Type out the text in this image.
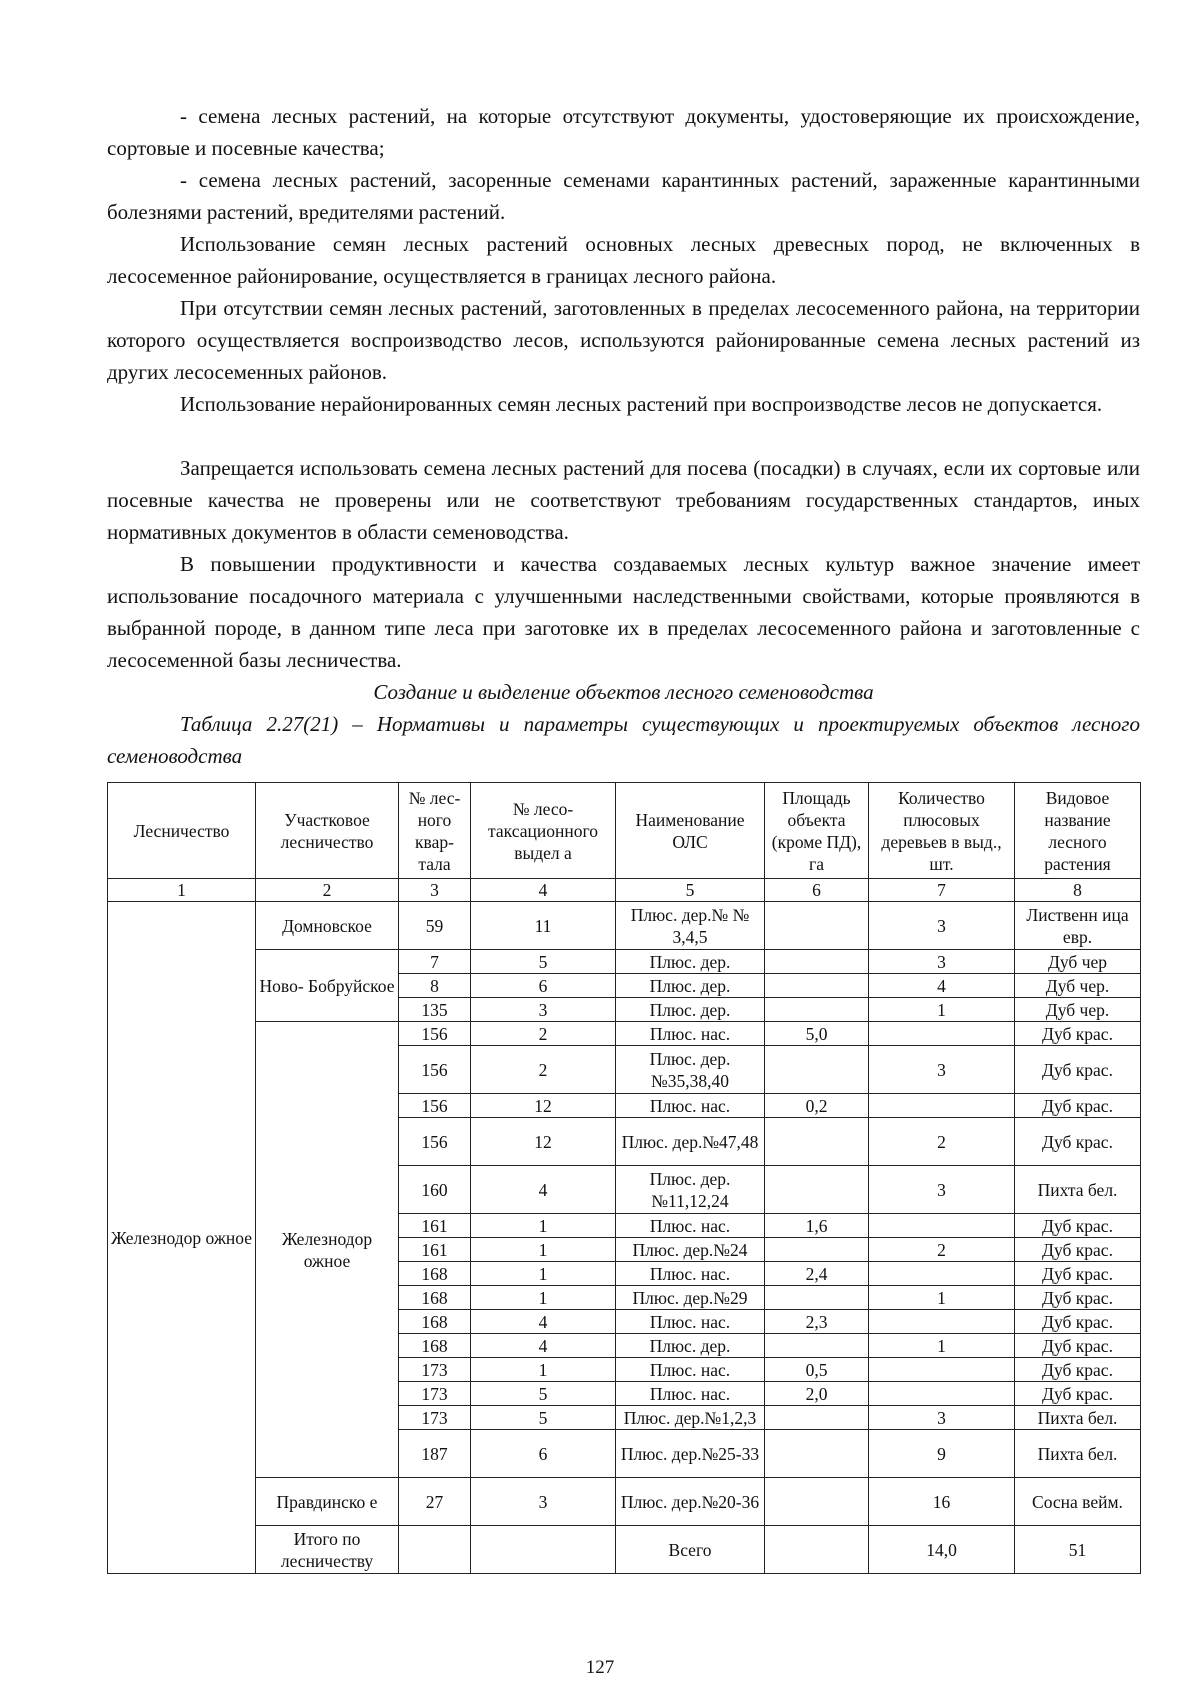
- семена лесных растений, на которые отсутствуют документы, удостоверяющие их происхождение, сортовые и посевные качества;

- семена лесных растений, засоренные семенами карантинных растений, зараженные карантинными болезнями растений, вредителями растений.

Использование семян лесных растений основных лесных древесных пород, не включенных в лесосеменное районирование, осуществляется в границах лесного района.

При отсутствии семян лесных растений, заготовленных в пределах лесосеменного района, на территории которого осуществляется воспроизводство лесов, используются районированные семена лесных растений из других лесосеменных районов.

Использование нерайонированных семян лесных растений при воспроизводстве лесов не допускается.

Запрещается использовать семена лесных растений для посева (посадки) в случаях, если их сортовые или посевные качества не проверены или не соответствуют требованиям государственных стандартов, иных нормативных документов в области семеноводства.

В повышении продуктивности и качества создаваемых лесных культур важное значение имеет использование посадочного материала с улучшенными наследственными свойствами, которые проявляются в выбранной породе, в данном типе леса при заготовке их в пределах лесосеменного района и заготовленные с лесосеменной базы лесничества.

Создание и выделение объектов лесного семеноводства

Таблица 2.27(21) – Нормативы и параметры существующих и проектируемых объектов лесного семеноводства

Лесничество	Участковое лесничество	№ лес-ного квар-тала	№ лесо-таксационного выдел а	Наименование ОЛС	Площадь объекта (кроме ПД), га	Количество плюсовых деревьев в выд., шт.	Видовое название лесного растения	
1	2	3	4	5	6	7	8	
Железнодор ожное	Домновское	59	11	Плюс. дер.№ № 3,4,5		3	Лиственн ица евр.	
	Ново- Бобруйское	7	5	Плюс. дер.		3	Дуб чер	
		8	6	Плюс. дер.		4	Дуб чер.	
		135	3	Плюс. дер.		1	Дуб чер.	
	Железнодор ожное	156	2	Плюс. нас.	5,0		Дуб крас.	
		156	2	Плюс. дер.№35,38,40		3	Дуб крас.	
		156	12	Плюс. нас.	0,2		Дуб крас.	
		156	12	Плюс. дер.№47,48		2	Дуб крас.	
		160	4	Плюс. дер.№11,12,24		3	Пихта бел.	
		161	1	Плюс. нас.	1,6		Дуб крас.	
		161	1	Плюс. дер.№24		2	Дуб крас.	
		168	1	Плюс. нас.	2,4		Дуб крас.	
		168	1	Плюс. дер.№29		1	Дуб крас.	
		168	4	Плюс. нас.	2,3		Дуб крас.	
		168	4	Плюс. дер.		1	Дуб крас.	
		173	1	Плюс. нас.	0,5		Дуб крас.	
		173	5	Плюс. нас.	2,0		Дуб крас.	
		173	5	Плюс. дер.№1,2,3		3	Пихта бел.	
		187	6	Плюс. дер.№25-33		9	Пихта бел.	
	Правдинско е	27	3	Плюс. дер.№20-36		16	Сосна вейм.	
	Итого по лесничеству			Всего		14,0	51	
127
